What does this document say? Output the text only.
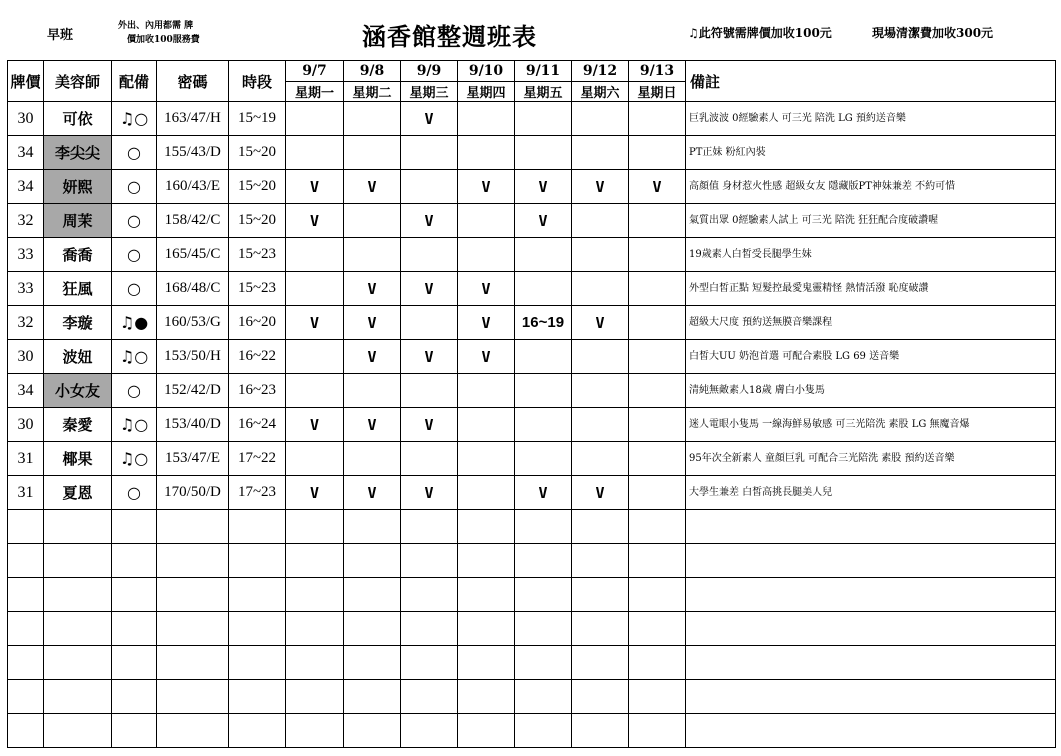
早班
外出、內用都需 牌
價加收100服務費	涵香館整週班表	♫此符號需牌價加收100元	現場清潔費加收300元
牌價	美容師	配備	密碼	時段	9/7	9/8	9/9	9/10	9/11	9/12	9/13	備註
					星期一	星期二	星期三	星期四	星期五	星期六	星期日	
30	可依	♫○	163/47/H	15~19			V					巨乳波波 0經驗素人 可三光 陪洗 LG 預約送音樂
34	李尖尖	○	155/43/D	15~20								PT正妹 粉紅內裝
34	妍熙	○	160/43/E	15~20	V	V		V	V	V	V	高顏值 身材惹火性感 超級女友 隱藏版PT神妹兼差 不約可惜
32	周茉	○	158/42/C	15~20	V		V		V			氣質出眾 0經驗素人試上 可三光 陪洗 狂狂配合度破讚喔
33	喬喬	○	165/45/C	15~23								19歲素人白皙受長腿學生妹
33	狂風	○	168/48/C	15~23		V	V	V				外型白皙正點 短髮控最愛鬼靈精怪 熱情活潑 恥度破讚
32	李璇	♫●	160/53/G	16~20	V	V		V	16~19	V		超級大尺度 預約送無膜音樂課程
30	波妞	♫○	153/50/H	16~22		V	V	V				白皙大UU 奶泡首選 可配合素股 LG 69 送音樂
34	小女友	○	152/42/D	16~23								清純無敵素人18歲 膚白小隻馬
30	秦愛	♫○	153/40/D	16~24	V	V	V					迷人電眼小隻馬 一線海鮮易敏感 可三光陪洗 素股 LG 無魔音爆
31	椰果	♫○	153/47/E	17~22								95年次全新素人 童顏巨乳 可配合三光陪洗 素股 預約送音樂
31	夏恩	○	170/50/D	17~23	V	V	V		V	V		大學生兼差 白皙高挑長腿美人兒
